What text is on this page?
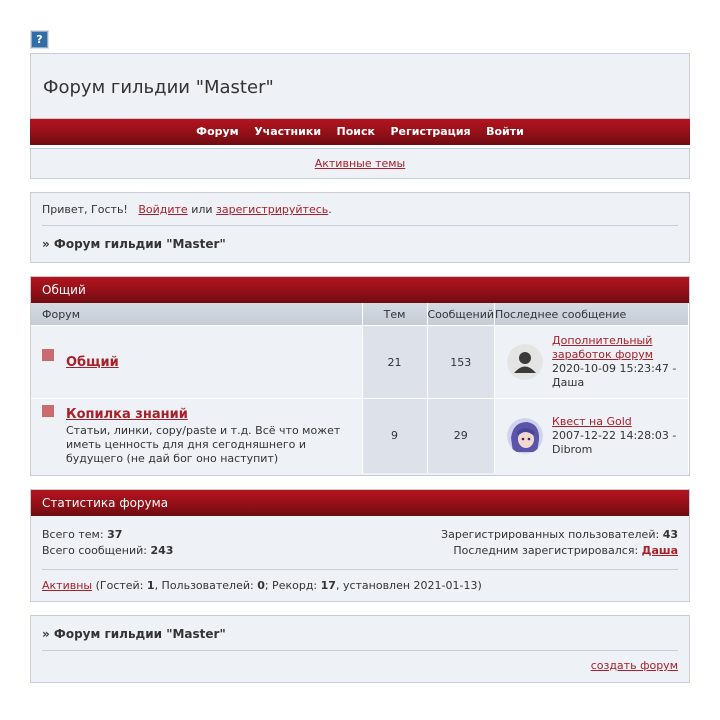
?
Форум гильдии "Master"
Форум Участники Поиск Регистрация Войти
Активные темы
Привет, Гость! Войдите или зарегистрируйтесь.
» Форум гильдии "Master"
Общий
Форум	Тем	Сообщений	Последнее сообщение

Общий	21	153	Дополнительный заработок форум
2020-10-09 15:23:47 - Даша

Копилка знаний
Статьи, линки, copy/paste и т.д. Всё что может иметь ценность для дня сегодняшнего и будущего (не дай бог оно наступит)	9	29	Квест на Gold
2007-12-22 14:28:03 - Dibrom
Статистика форума
Всего тем: 37
Всего сообщений: 243
Зарегистрированных пользователей: 43
Последним зарегистрировался: Даша
Активны (Гостей: 1, Пользователей: 0; Рекорд: 17, установлен 2021-01-13)
» Форум гильдии "Master"
создать форум
